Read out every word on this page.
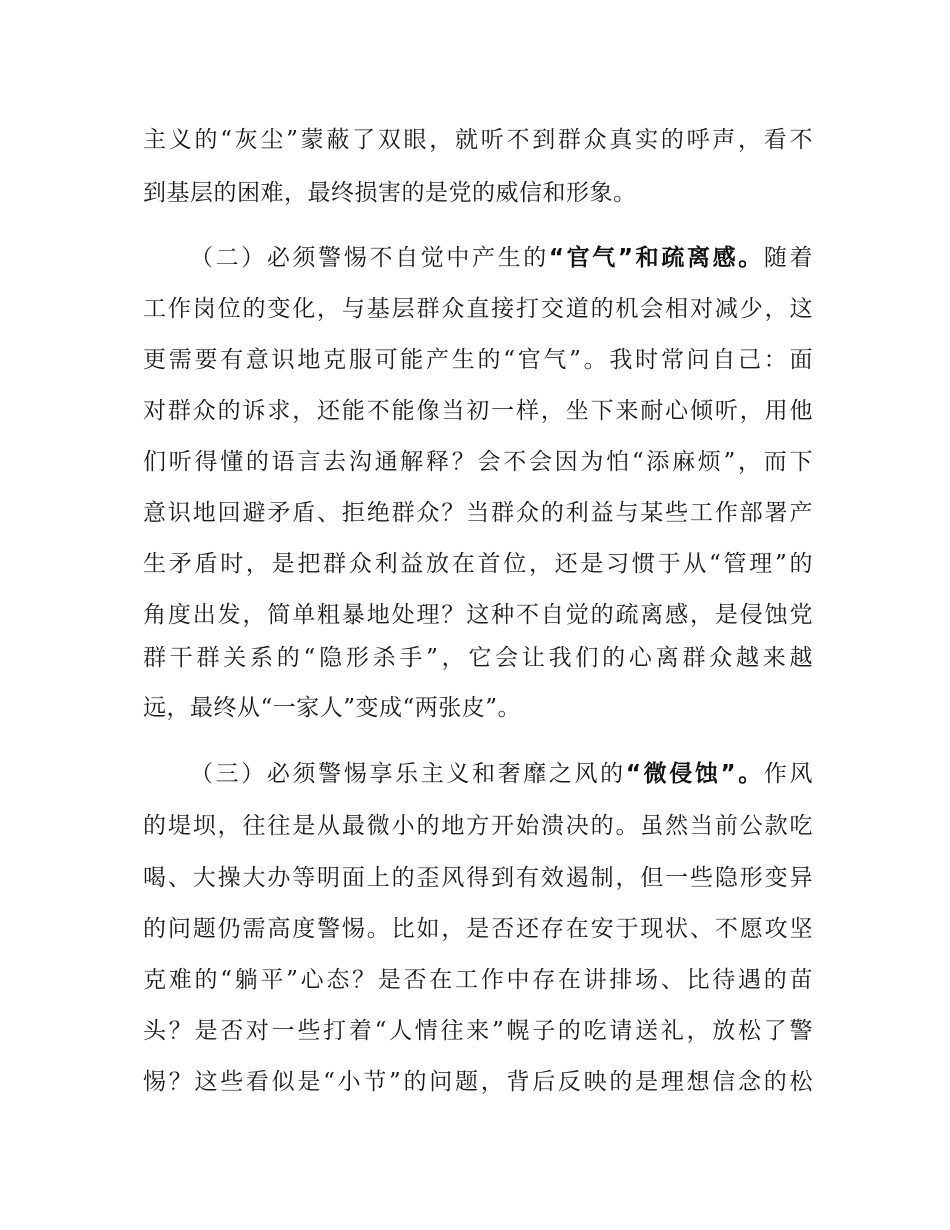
主义的“灰尘”蒙蔽了双眼，就听不到群众真实的呼声，看不
到基层的困难，最终损害的是党的威信和形象。
（二）必须警惕不自觉中产生的“官气”和疏离感。随着
工作岗位的变化，与基层群众直接打交道的机会相对减少，这
更需要有意识地克服可能产生的“官气”。我时常问自己：面
对群众的诉求，还能不能像当初一样，坐下来耐心倾听，用他
们听得懂的语言去沟通解释？会不会因为怕“添麻烦”，而下
意识地回避矛盾、拒绝群众？当群众的利益与某些工作部署产
生矛盾时，是把群众利益放在首位，还是习惯于从“管理”的
角度出发，简单粗暴地处理？这种不自觉的疏离感，是侵蚀党
群干群关系的“隐形杀手”，它会让我们的心离群众越来越
远，最终从“一家人”变成“两张皮”。
（三）必须警惕享乐主义和奢靡之风的“微侵蚀”。作风
的堤坝，往往是从最微小的地方开始溃决的。虽然当前公款吃
喝、大操大办等明面上的歪风得到有效遏制，但一些隐形变异
的问题仍需高度警惕。比如，是否还存在安于现状、不愿攻坚
克难的“躺平”心态？是否在工作中存在讲排场、比待遇的苗
头？是否对一些打着“人情往来”幌子的吃请送礼，放松了警
惕？这些看似是“小节”的问题，背后反映的是理想信念的松
